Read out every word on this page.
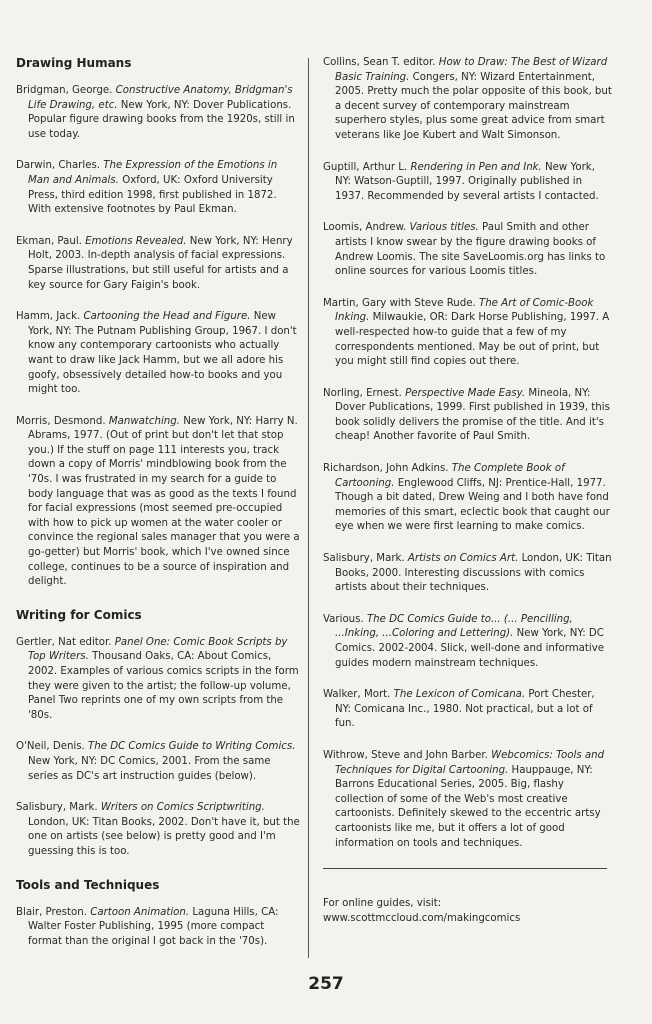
Drawing Humans
Bridgman, George. Constructive Anatomy, Bridgman's Life Drawing, etc. New York, NY: Dover Publications. Popular figure drawing books from the 1920s, still in use today.
Darwin, Charles. The Expression of the Emotions in Man and Animals. Oxford, UK: Oxford University Press, third edition 1998, first published in 1872. With extensive footnotes by Paul Ekman.
Ekman, Paul. Emotions Revealed. New York, NY: Henry Holt, 2003. In-depth analysis of facial expressions. Sparse illustrations, but still useful for artists and a key source for Gary Faigin's book.
Hamm, Jack. Cartooning the Head and Figure. New York, NY: The Putnam Publishing Group, 1967. I don't know any contemporary cartoonists who actually want to draw like Jack Hamm, but we all adore his goofy, obsessively detailed how-to books and you might too.
Morris, Desmond. Manwatching. New York, NY: Harry N. Abrams, 1977. (Out of print but don't let that stop you.) If the stuff on page 111 interests you, track down a copy of Morris' mindblowing book from the '70s. I was frustrated in my search for a guide to body language that was as good as the texts I found for facial expressions (most seemed pre-occupied with how to pick up women at the water cooler or convince the regional sales manager that you were a go-getter) but Morris' book, which I've owned since college, continues to be a source of inspiration and delight.
Writing for Comics
Gertler, Nat editor. Panel One: Comic Book Scripts by Top Writers. Thousand Oaks, CA: About Comics, 2002. Examples of various comics scripts in the form they were given to the artist; the follow-up volume, Panel Two reprints one of my own scripts from the '80s.
O'Neil, Denis. The DC Comics Guide to Writing Comics. New York, NY: DC Comics, 2001. From the same series as DC's art instruction guides (below).
Salisbury, Mark. Writers on Comics Scriptwriting. London, UK: Titan Books, 2002. Don't have it, but the one on artists (see below) is pretty good and I'm guessing this is too.
Tools and Techniques
Blair, Preston. Cartoon Animation. Laguna Hills, CA: Walter Foster Publishing, 1995 (more compact format than the original I got back in the '70s).
Collins, Sean T. editor. How to Draw: The Best of Wizard Basic Training. Congers, NY: Wizard Entertainment, 2005. Pretty much the polar opposite of this book, but a decent survey of contemporary mainstream superhero styles, plus some great advice from smart veterans like Joe Kubert and Walt Simonson.
Guptill, Arthur L. Rendering in Pen and Ink. New York, NY: Watson-Guptill, 1997. Originally published in 1937. Recommended by several artists I contacted.
Loomis, Andrew. Various titles. Paul Smith and other artists I know swear by the figure drawing books of Andrew Loomis. The site SaveLoomis.org has links to online sources for various Loomis titles.
Martin, Gary with Steve Rude. The Art of Comic-Book Inking. Milwaukie, OR: Dark Horse Publishing, 1997. A well-respected how-to guide that a few of my correspondents mentioned. May be out of print, but you might still find copies out there.
Norling, Ernest. Perspective Made Easy. Mineola, NY: Dover Publications, 1999. First published in 1939, this book solidly delivers the promise of the title. And it's cheap! Another favorite of Paul Smith.
Richardson, John Adkins. The Complete Book of Cartooning. Englewood Cliffs, NJ: Prentice-Hall, 1977. Though a bit dated, Drew Weing and I both have fond memories of this smart, eclectic book that caught our eye when we were first learning to make comics.
Salisbury, Mark. Artists on Comics Art. London, UK: Titan Books, 2000. Interesting discussions with comics artists about their techniques.
Various. The DC Comics Guide to... (... Pencilling, ...Inking, ...Coloring and Lettering). New York, NY: DC Comics. 2002-2004. Slick, well-done and informative guides modern mainstream techniques.
Walker, Mort. The Lexicon of Comicana. Port Chester, NY: Comicana Inc., 1980. Not practical, but a lot of fun.
Withrow, Steve and John Barber. Webcomics: Tools and Techniques for Digital Cartooning. Hauppauge, NY: Barrons Educational Series, 2005. Big, flashy collection of some of the Web's most creative cartoonists. Definitely skewed to the eccentric artsy cartoonists like me, but it offers a lot of good information on tools and techniques.
For online guides, visit:
www.scottmccloud.com/makingcomics
257
